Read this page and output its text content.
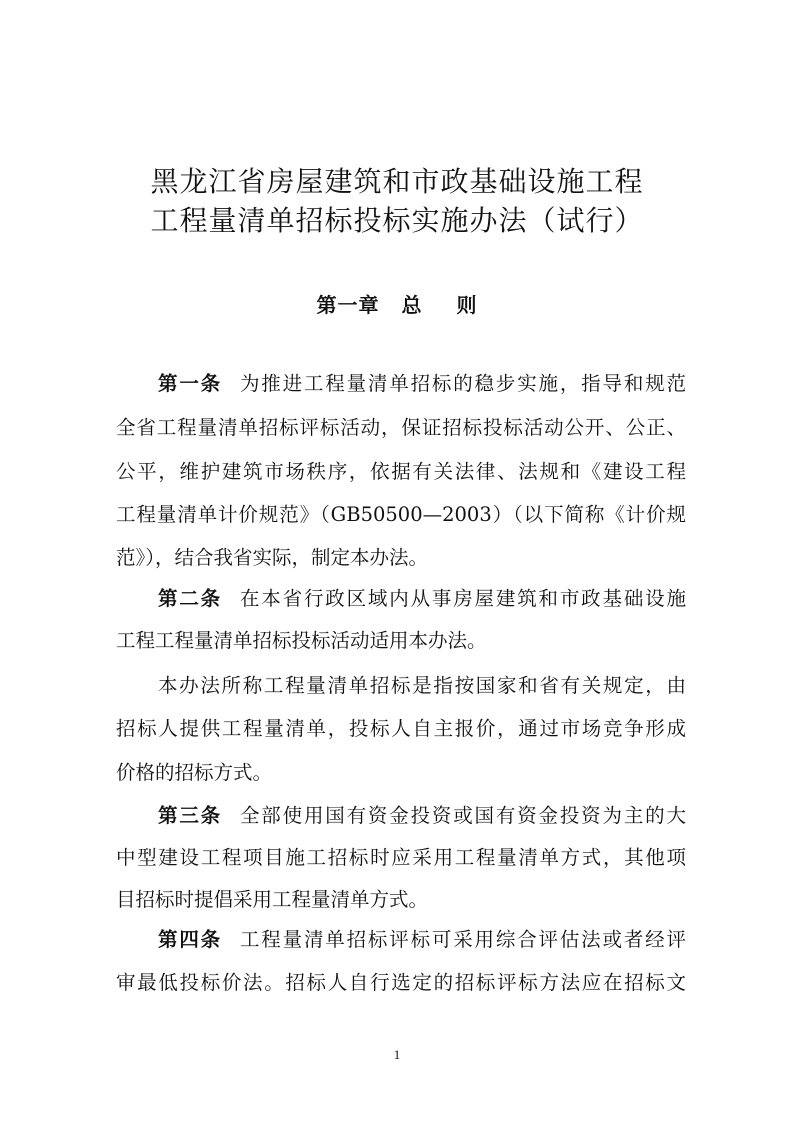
黑龙江省房屋建筑和市政基础设施工程
工程量清单招标投标实施办法（试行）
第一章 总 则
第一条 为推进工程量清单招标的稳步实施，指导和规范
全省工程量清单招标评标活动，保证招标投标活动公开、公正、
公平，维护建筑市场秩序，依据有关法律、法规和《建设工程
工程量清单计价规范》（GB50500—2003）（以下简称《计价规
范》），结合我省实际，制定本办法。
第二条 在本省行政区域内从事房屋建筑和市政基础设施
工程工程量清单招标投标活动适用本办法。
本办法所称工程量清单招标是指按国家和省有关规定，由
招标人提供工程量清单，投标人自主报价，通过市场竞争形成
价格的招标方式。
第三条 全部使用国有资金投资或国有资金投资为主的大
中型建设工程项目施工招标时应采用工程量清单方式，其他项
目招标时提倡采用工程量清单方式。
第四条 工程量清单招标评标可采用综合评估法或者经评
审最低投标价法。招标人自行选定的招标评标方法应在招标文
1
